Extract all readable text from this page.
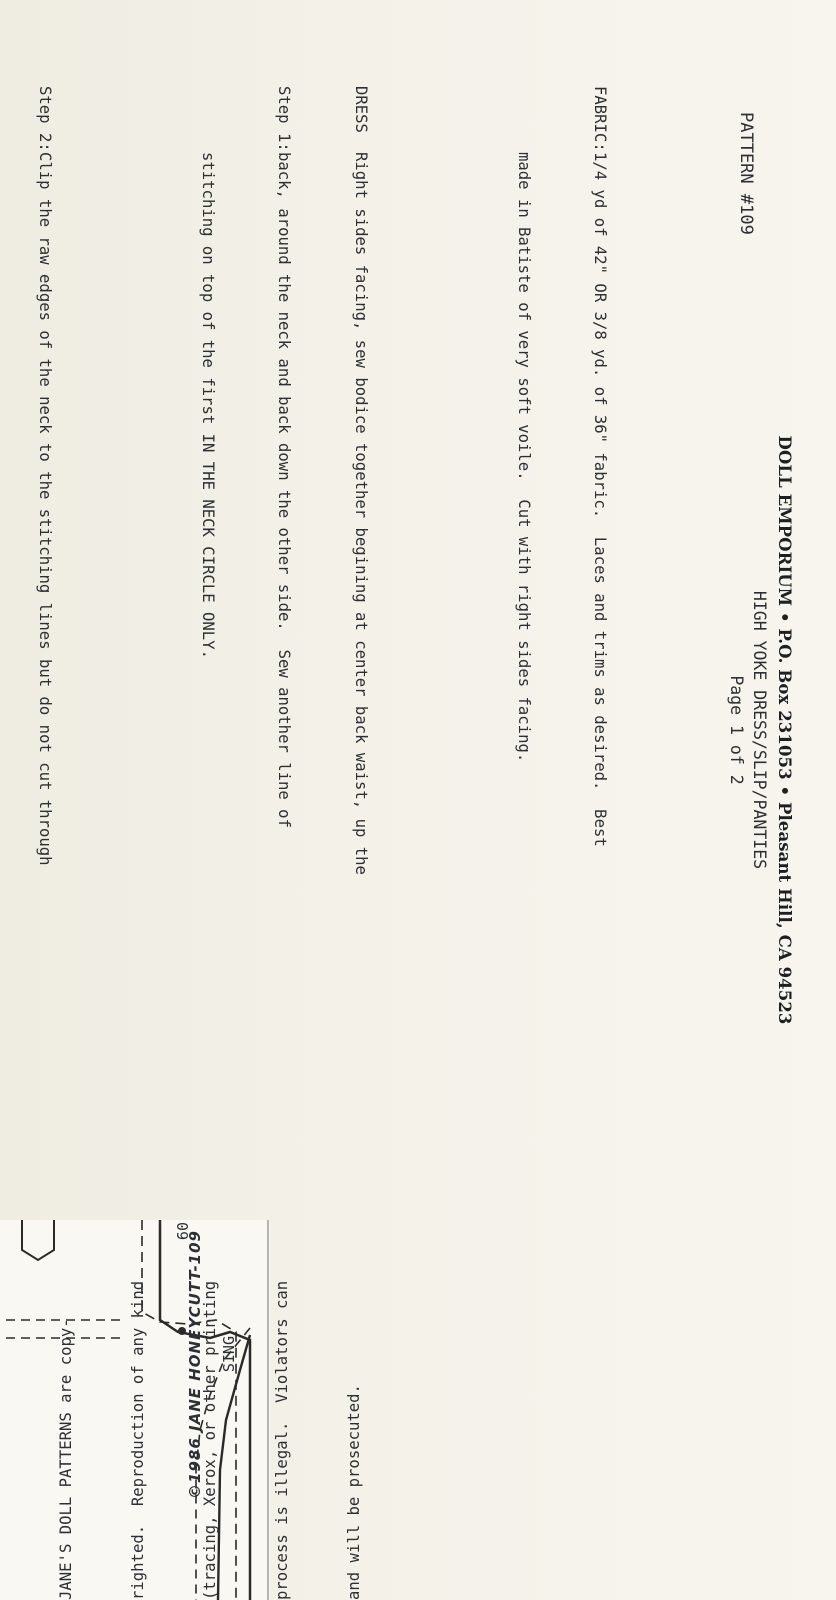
DOLL EMPORIUM • P.O. Box 231053 • Pleasant Hill, CA 94523
HIGH YOKE DRESS/SLIP/PANTIES
Page 1 of 2
PATTERN #109

FABRIC:
1/4 yd of 42" OR 3/8 yd. of 36" fabric.  Laces and trims as desired.  Best

made in Batiste of very soft voile.  Cut with right sides facing.

DRESS
Right sides facing, sew bodice together begining at center back waist, up the

Step 1:
back, around the neck and back down the other side.  Sew another line of

stitching on top of the first IN THE NECK CIRCLE ONLY.

Step 2:
Clip the raw edges of the neck to the stitching lines but do not cut through

JANE'S DOLL PATTERNS are copy-

	righted.  Reproduction of any kind

	(tracing, Xerox, or other printing

	process is illegal.  Violators can

	and will be prosecuted.

©1986 JANE HONEYCUTT-109 SING
60
